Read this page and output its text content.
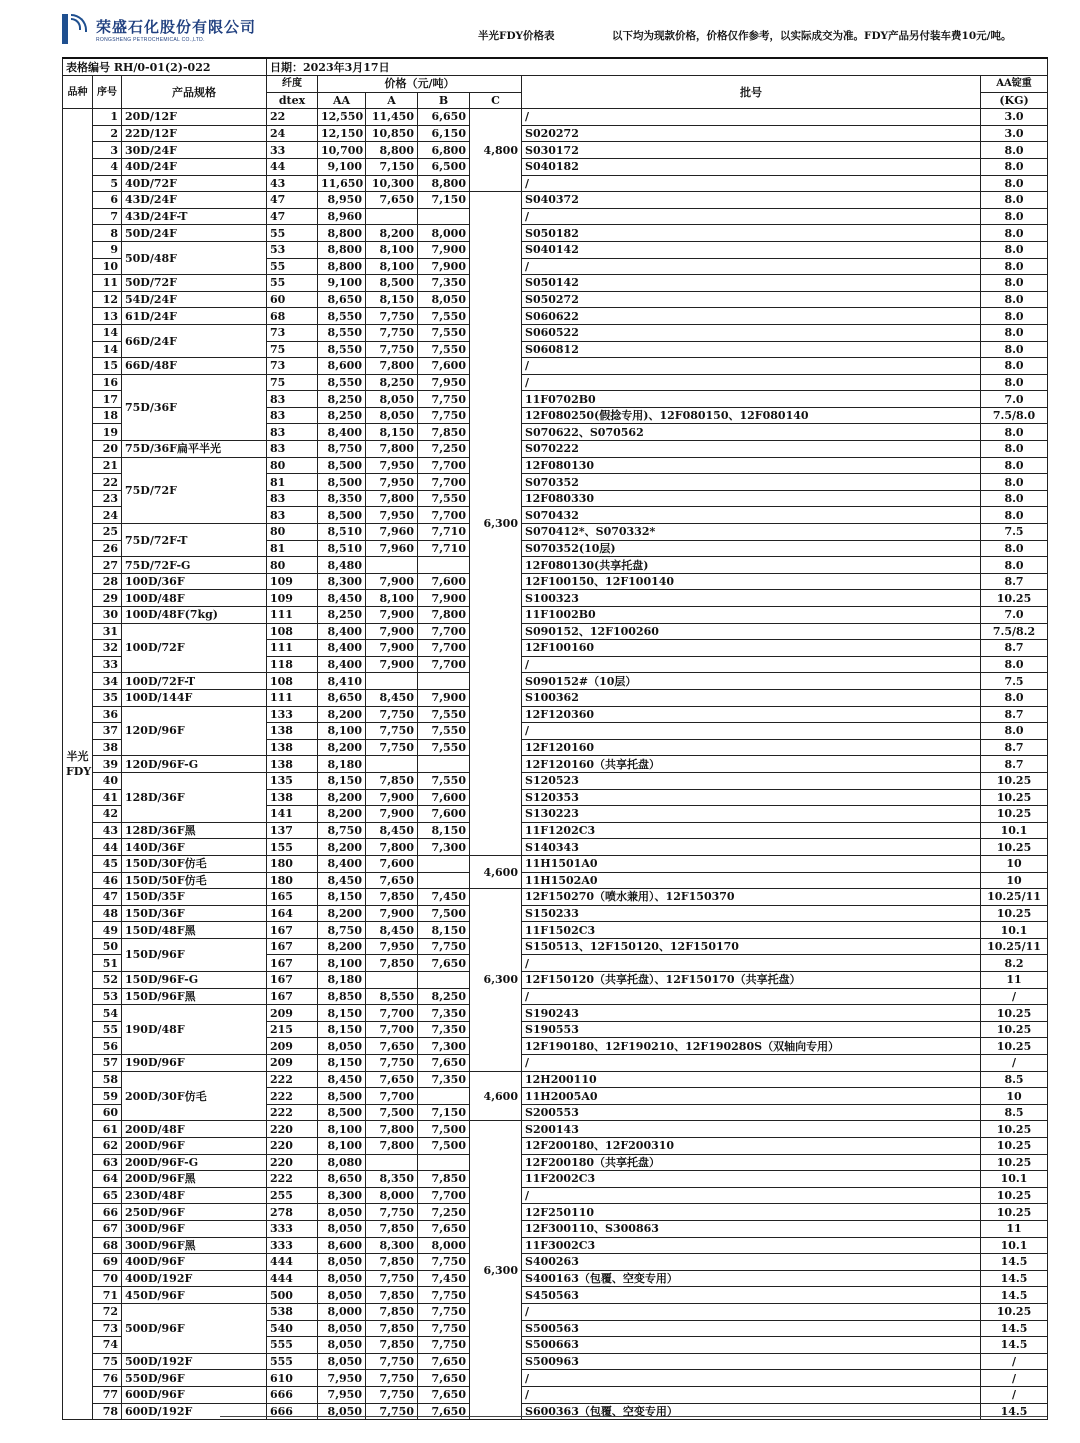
荣盛石化股份有限公司
RONGSHENG PETROCHEMICAL CO.,LTD.	半光FDY价格表	以下均为现款价格，价格仅作参考，以实际成交为准。FDY产品另付装车费10元/吨。
表格编号 RH/0-01(2)-022			日期：2023年3月17日						
品种	序号	产品规格	纤度	价格（元/吨）				批号	AA锭重
			dtex	AA	A	B	C		(KG)
半光FDY	1	20D/12F	22	12,550	11,450	6,650	4,800	/	3.0
	2	22D/12F	24	12,150	10,850	6,150		S020272	3.0
	3	30D/24F	33	10,700	8,800	6,800		S030172	8.0
	4	40D/24F	44	9,100	7,150	6,500		S040182	8.0
	5	40D/72F	43	11,650	10,300	8,800		/	8.0
	6	43D/24F	47	8,950	7,650	7,150	6,300	S040372	8.0
	7	43D/24F-T	47	8,960				/	8.0
	8	50D/24F	55	8,800	8,200	8,000		S050182	8.0
	9	50D/48F	53	8,800	8,100	7,900		S040142	8.0
	10		55	8,800	8,100	7,900		/	8.0
	11	50D/72F	55	9,100	8,500	7,350		S050142	8.0
	12	54D/24F	60	8,650	8,150	8,050		S050272	8.0
	13	61D/24F	68	8,550	7,750	7,550		S060622	8.0
	14	66D/24F	73	8,550	7,750	7,550		S060522	8.0
	14		75	8,550	7,750	7,550		S060812	8.0
	15	66D/48F	73	8,600	7,800	7,600		/	8.0
	16	75D/36F	75	8,550	8,250	7,950		/	8.0
	17		83	8,250	8,050	7,750		11F0702B0	7.0
	18		83	8,250	8,050	7,750		12F080250(假捻专用)、12F080150、12F080140	7.5/8.0
	19		83	8,400	8,150	7,850		S070622、S070562	8.0
	20	75D/36F扁平半光	83	8,750	7,800	7,250		S070222	8.0
	21	75D/72F	80	8,500	7,950	7,700		12F080130	8.0
	22		81	8,500	7,950	7,700		S070352	8.0
	23		83	8,350	7,800	7,550		12F080330	8.0
	24		83	8,500	7,950	7,700		S070432	8.0
	25	75D/72F-T	80	8,510	7,960	7,710		S070412*、S070332*	7.5
	26		81	8,510	7,960	7,710		S070352(10层)	8.0
	27	75D/72F-G	80	8,480				12F080130(共享托盘)	8.0
	28	100D/36F	109	8,300	7,900	7,600		12F100150、12F100140	8.7
	29	100D/48F	109	8,450	8,100	7,900		S100323	10.25
	30	100D/48F(7kg)	111	8,250	7,900	7,800		11F1002B0	7.0
	31	100D/72F	108	8,400	7,900	7,700		S090152、12F100260	7.5/8.2
	32		111	8,400	7,900	7,700		12F100160	8.7
	33		118	8,400	7,900	7,700		/	8.0
	34	100D/72F-T	108	8,410				S090152#（10层）	7.5
	35	100D/144F	111	8,650	8,450	7,900		S100362	8.0
	36	120D/96F	133	8,200	7,750	7,550		12F120360	8.7
	37		138	8,100	7,750	7,550		/	8.0
	38		138	8,200	7,750	7,550		12F120160	8.7
	39	120D/96F-G	138	8,180				12F120160（共享托盘）	8.7
	40	128D/36F	135	8,150	7,850	7,550		S120523	10.25
	41		138	8,200	7,900	7,600		S120353	10.25
	42		141	8,200	7,900	7,600		S130223	10.25
	43	128D/36F黑	137	8,750	8,450	8,150		11F1202C3	10.1
	44	140D/36F	155	8,200	7,800	7,300		S140343	10.25
	45	150D/30F仿毛	180	8,400	7,600		4,600	11H1501A0	10
	46	150D/50F仿毛	180	8,450	7,650			11H1502A0	10
	47	150D/35F	165	8,150	7,850	7,450	6,300	12F150270（喷水兼用）、12F150370	10.25/11
	48	150D/36F	164	8,200	7,900	7,500		S150233	10.25
	49	150D/48F黑	167	8,750	8,450	8,150		11F1502C3	10.1
	50	150D/96F	167	8,200	7,950	7,750		S150513、12F150120、12F150170	10.25/11
	51		167	8,100	7,850	7,650		/	8.2
	52	150D/96F-G	167	8,180				12F150120（共享托盘）、12F150170（共享托盘）	11
	53	150D/96F黑	167	8,850	8,550	8,250		/	/
	54	190D/48F	209	8,150	7,700	7,350		S190243	10.25
	55		215	8,150	7,700	7,350		S190553	10.25
	56		209	8,050	7,650	7,300		12F190180、12F190210、12F190280S（双轴向专用）	10.25
	57	190D/96F	209	8,150	7,750	7,650		/	/
	58	200D/30F仿毛	222	8,450	7,650	7,350	4,600	12H200110	8.5
	59		222	8,500	7,700			11H2005A0	10
	60		222	8,500	7,500	7,150		S200553	8.5
	61	200D/48F	220	8,100	7,800	7,500	6,300	S200143	10.25
	62	200D/96F	220	8,100	7,800	7,500		12F200180、12F200310	10.25
	63	200D/96F-G	220	8,080				12F200180（共享托盘）	10.25
	64	200D/96F黑	222	8,650	8,350	7,850		11F2002C3	10.1
	65	230D/48F	255	8,300	8,000	7,700		/	10.25
	66	250D/96F	278	8,050	7,750	7,250		12F250110	10.25
	67	300D/96F	333	8,050	7,850	7,650		12F300110、S300863	11
	68	300D/96F黑	333	8,600	8,300	8,000		11F3002C3	10.1
	69	400D/96F	444	8,050	7,850	7,750		S400263	14.5
	70	400D/192F	444	8,050	7,750	7,450		S400163（包覆、空变专用）	14.5
	71	450D/96F	500	8,050	7,850	7,750		S450563	14.5
	72	500D/96F	538	8,000	7,850	7,750		/	10.25
	73		540	8,050	7,850	7,750		S500563	14.5
	74		555	8,050	7,850	7,750		S500663	14.5
	75	500D/192F	555	8,050	7,750	7,650		S500963	/
	76	550D/96F	610	7,950	7,750	7,650		/	/
	77	600D/96F	666	7,950	7,750	7,650		/	/
	78	600D/192F	666	8,050	7,750	7,650		S600363（包覆、空变专用）	14.5
